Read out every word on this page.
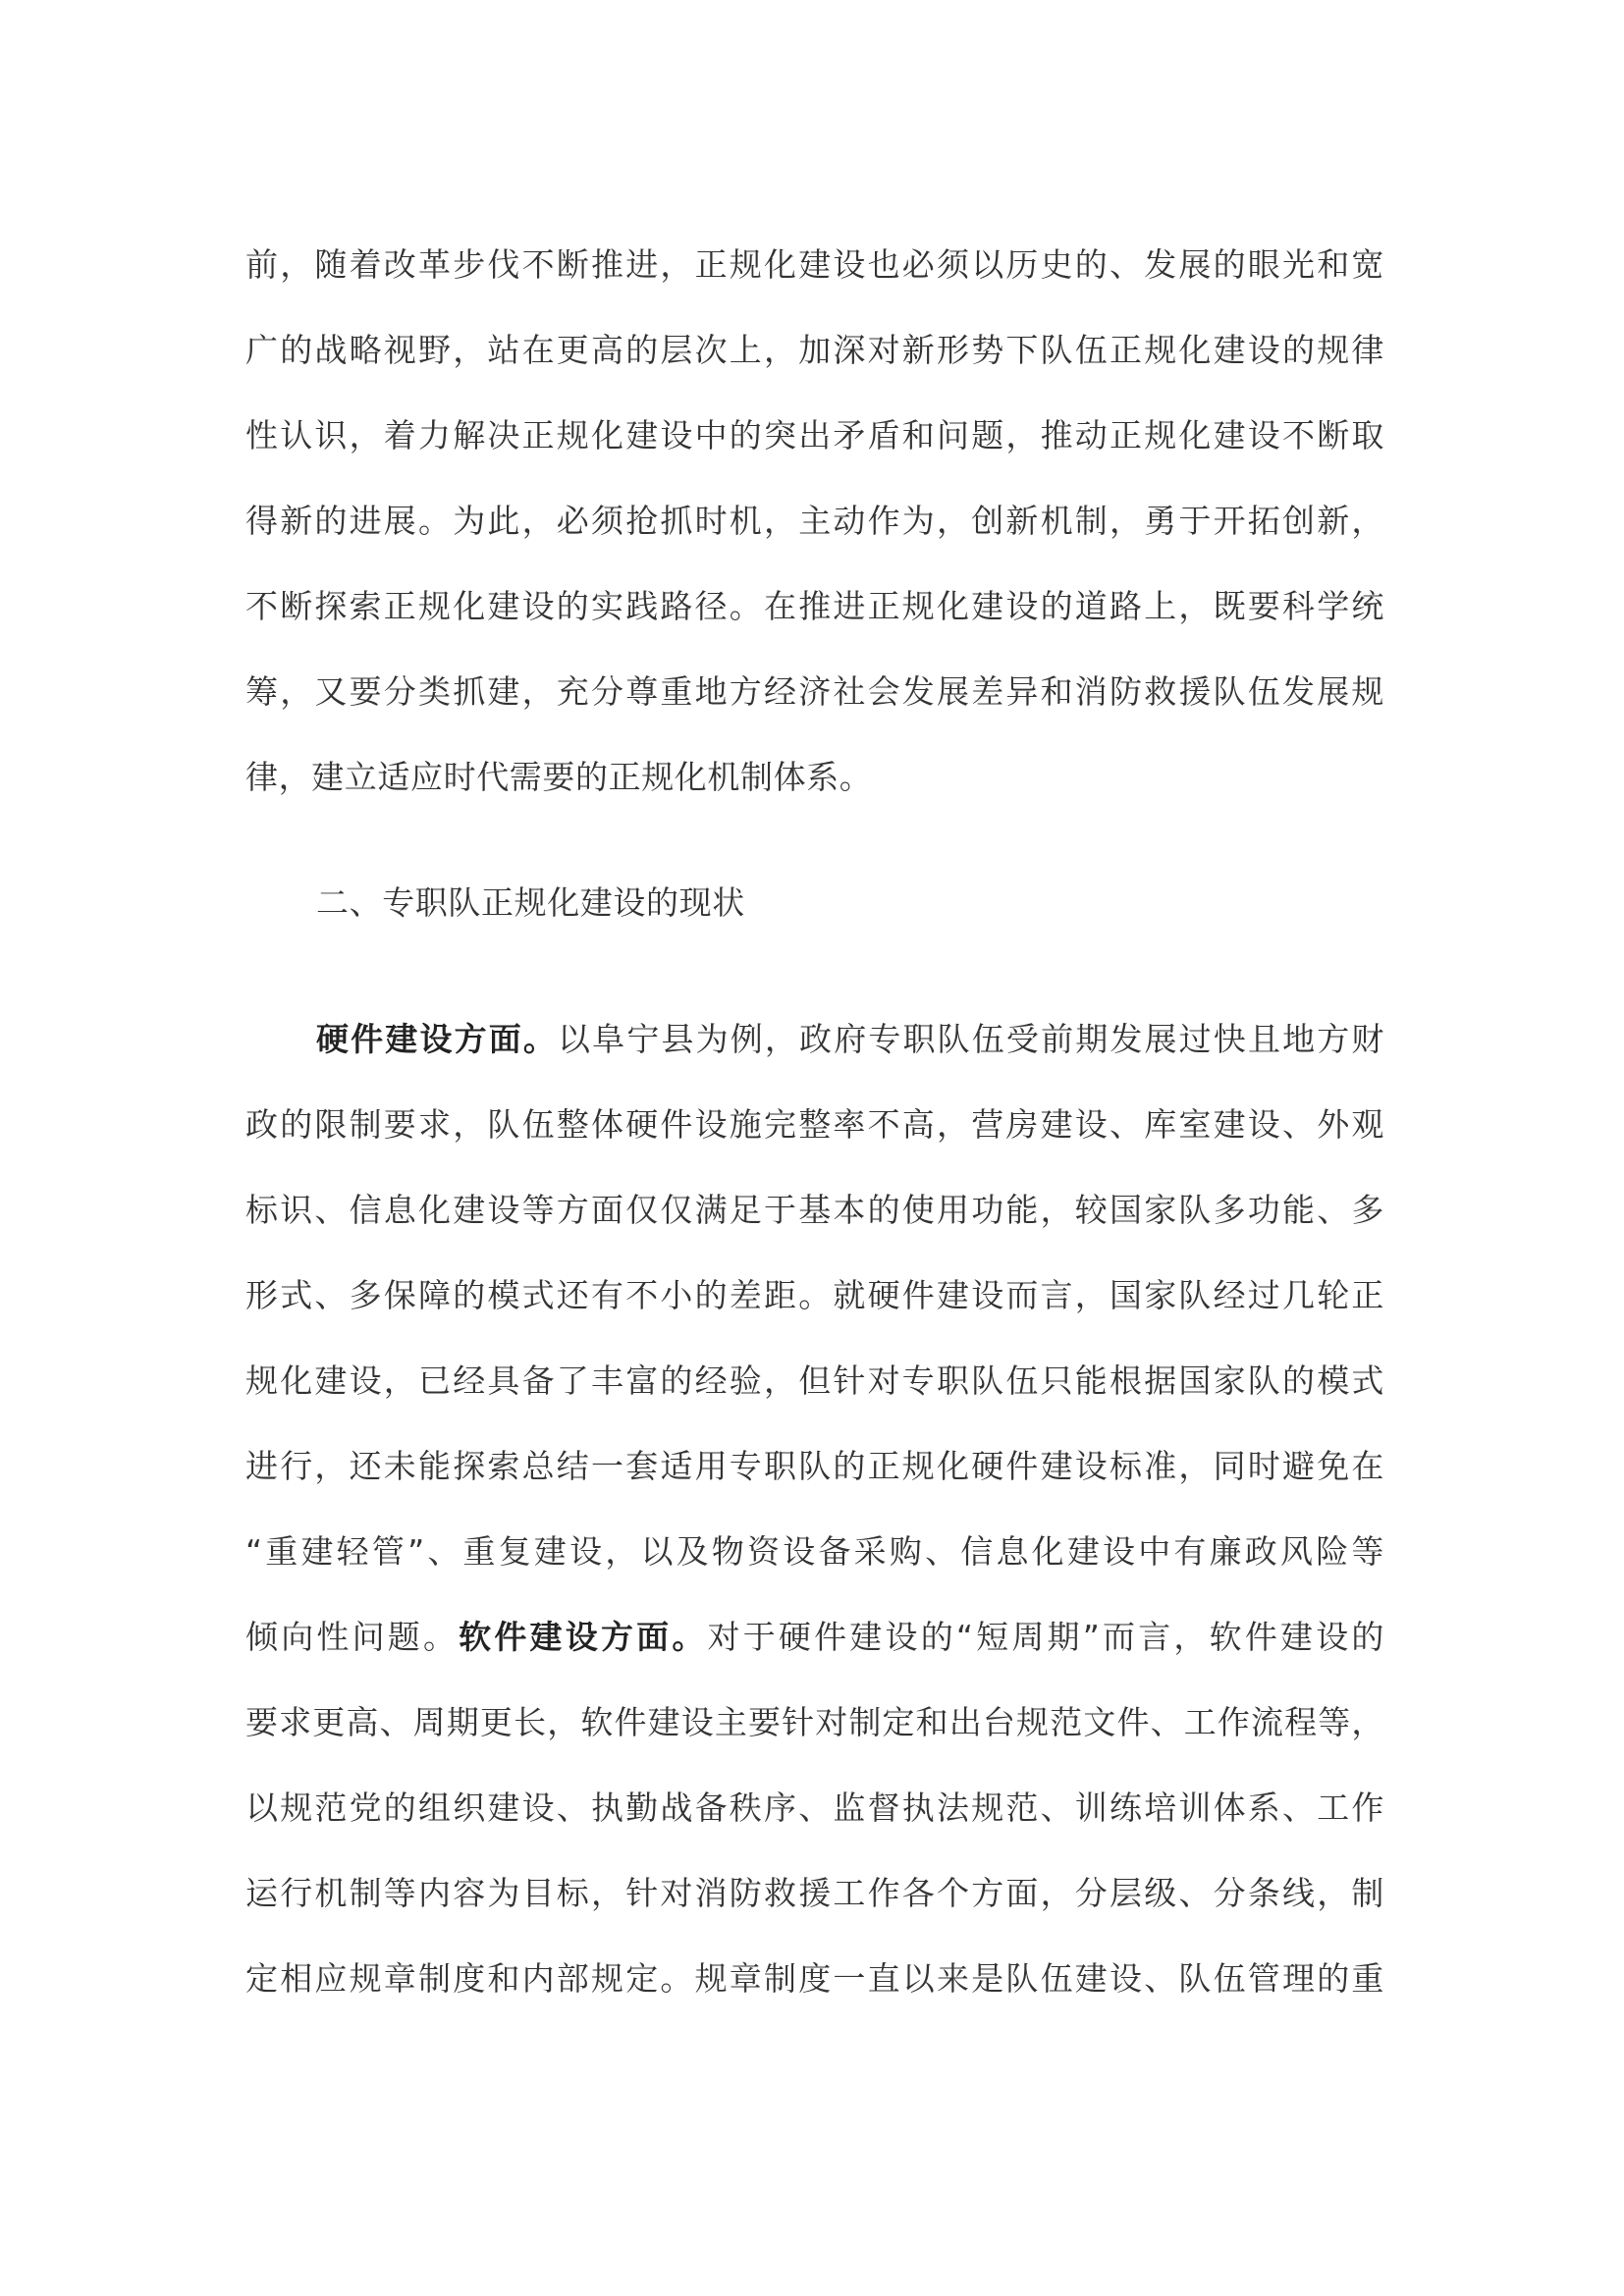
前，随着改革步伐不断推进，正规化建设也必须以历史的、发展的眼光和宽
广的战略视野，站在更高的层次上，加深对新形势下队伍正规化建设的规律
性认识，着力解决正规化建设中的突出矛盾和问题，推动正规化建设不断取
得新的进展。为此，必须抢抓时机，主动作为，创新机制，勇于开拓创新，
不断探索正规化建设的实践路径。在推进正规化建设的道路上，既要科学统
筹，又要分类抓建，充分尊重地方经济社会发展差异和消防救援队伍发展规
律，建立适应时代需要的正规化机制体系。
二、专职队正规化建设的现状
硬件建设方面。以阜宁县为例，政府专职队伍受前期发展过快且地方财
政的限制要求，队伍整体硬件设施完整率不高，营房建设、库室建设、外观
标识、信息化建设等方面仅仅满足于基本的使用功能，较国家队多功能、多
形式、多保障的模式还有不小的差距。就硬件建设而言，国家队经过几轮正
规化建设，已经具备了丰富的经验，但针对专职队伍只能根据国家队的模式
进行，还未能探索总结一套适用专职队的正规化硬件建设标准，同时避免在
“重建轻管”、重复建设，以及物资设备采购、信息化建设中有廉政风险等
倾向性问题。软件建设方面。对于硬件建设的“短周期”而言，软件建设的
要求更高、周期更长，软件建设主要针对制定和出台规范文件、工作流程等，
以规范党的组织建设、执勤战备秩序、监督执法规范、训练培训体系、工作
运行机制等内容为目标，针对消防救援工作各个方面，分层级、分条线，制
定相应规章制度和内部规定。规章制度一直以来是队伍建设、队伍管理的重
